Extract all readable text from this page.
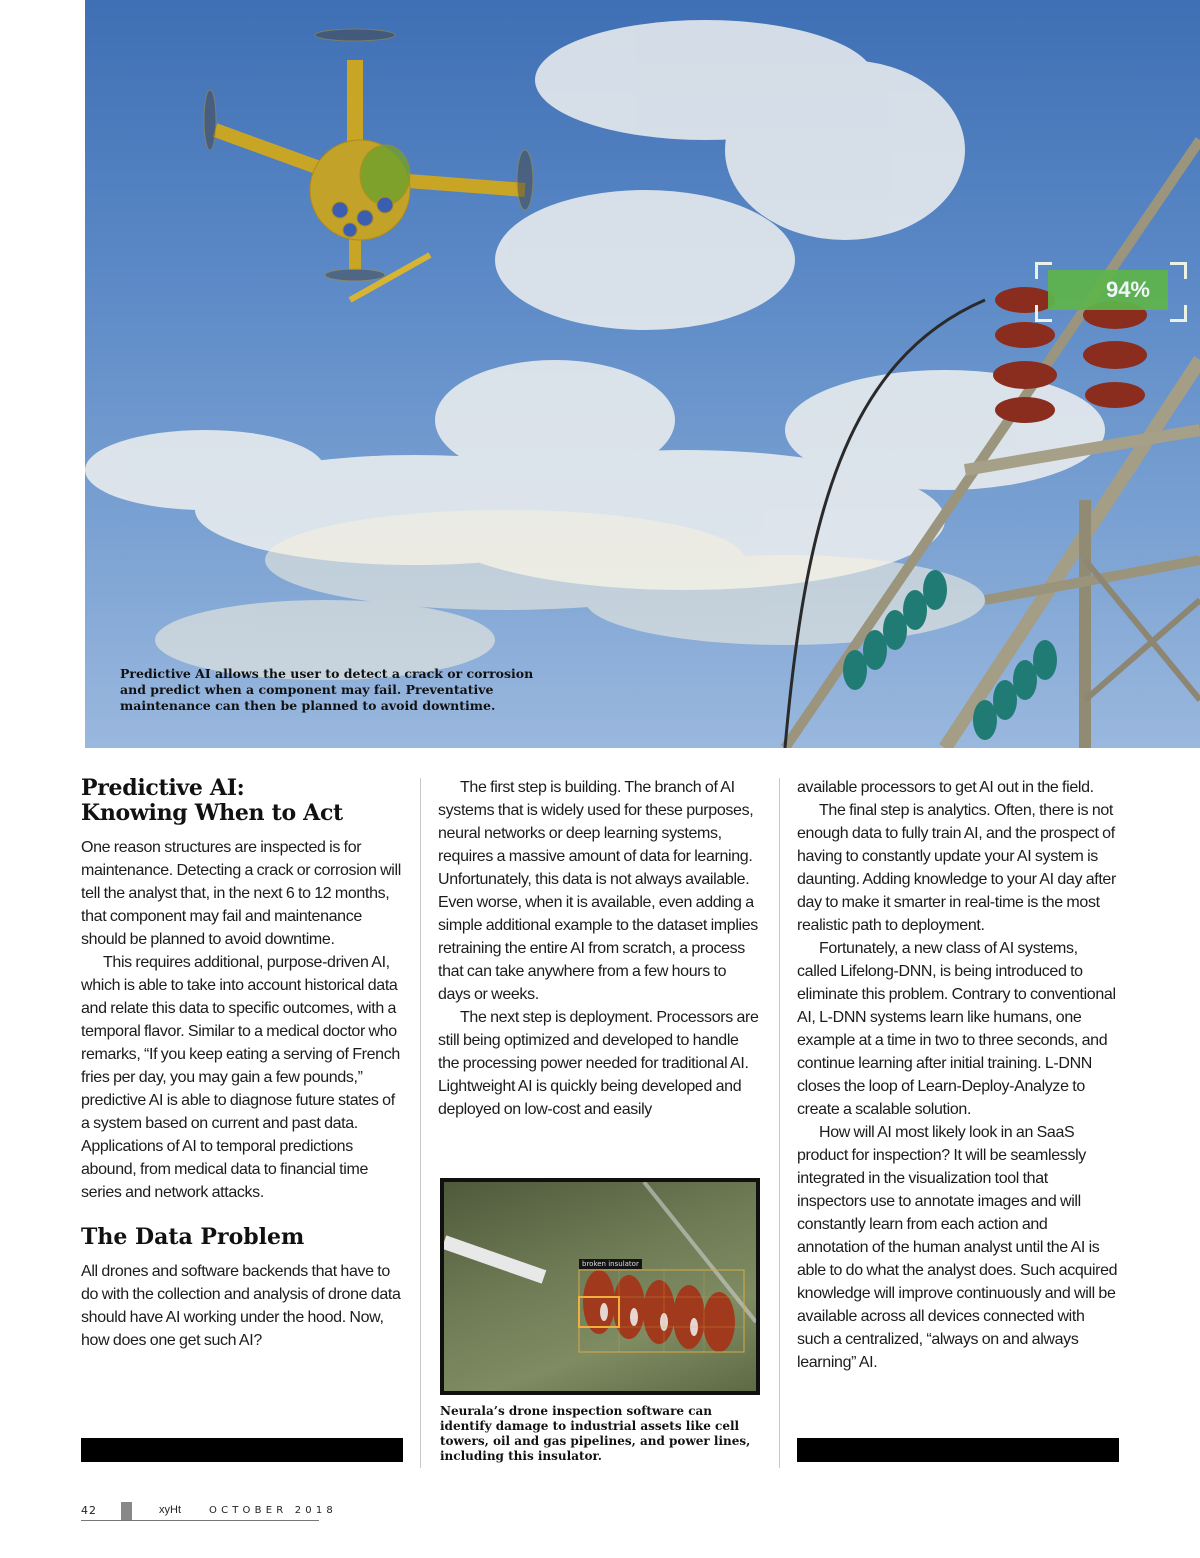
94%
Predictive AI allows the user to detect a crack or corrosion and predict when a component may fail. Preventative maintenance can then be planned to avoid downtime.
Predictive AI:
Knowing When to Act

One reason structures are inspected is for maintenance. Detecting a crack or corrosion will tell the analyst that, in the next 6 to 12 months, that component may fail and maintenance should be planned to avoid downtime.

This requires additional, purpose-driven AI, which is able to take into account historical data and relate this data to specific outcomes, with a temporal flavor. Similar to a medical doctor who remarks, “If you keep eating a serving of French fries per day, you may gain a few pounds,” predictive AI is able to diagnose future states of a system based on current and past data. Applications of AI to temporal predictions abound, from medical data to financial time series and network attacks.

The Data Problem

All drones and software backends that have to do with the collection and analysis of drone data should have AI working under the hood. Now, how does one get such AI?

The first step is building. The branch of AI systems that is widely used for these purposes, neural networks or deep learning systems, requires a massive amount of data for learning. Unfortunately, this data is not always available. Even worse, when it is available, even adding a simple additional example to the dataset implies retraining the entire AI from scratch, a process that can take anywhere from a few hours to days or weeks.

The next step is deployment. Processors are still being optimized and developed to handle the processing power needed for traditional AI. Lightweight AI is quickly being developed and deployed on low-cost and easily

broken insulator
Neurala’s drone inspection software can identify damage to industrial assets like cell towers, oil and gas pipelines, and power lines, including this insulator.

available processors to get AI out in the field.

The final step is analytics. Often, there is not enough data to fully train AI, and the prospect of having to constantly update your AI system is daunting. Adding knowledge to your AI day after day to make it smarter in real-time is the most realistic path to deployment.

Fortunately, a new class of AI systems, called Lifelong-DNN, is being introduced to eliminate this problem. Contrary to conventional AI, L-DNN systems learn like humans, one example at a time in two to three seconds, and continue learning after initial training. L-DNN closes the loop of Learn-Deploy-Analyze to create a scalable solution.

How will AI most likely look in an SaaS product for inspection? It will be seamlessly integrated in the visualization tool that inspectors use to annotate images and will constantly learn from each action and annotation of the human analyst until the AI is able to do what the analyst does. Such acquired knowledge will improve continuously and will be available across all devices connected with such a centralized, “always on and always learning” AI.

42	xyHt	OCTOBER 2018
